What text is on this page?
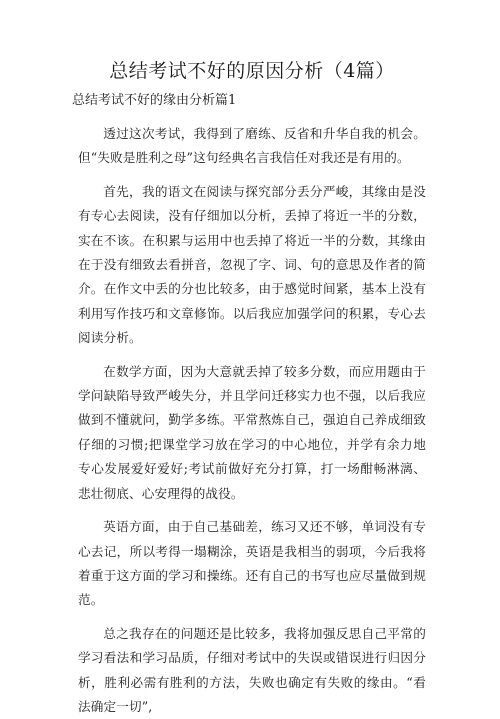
总结考试不好的原因分析（4篇）
总结考试不好的缘由分析篇1

透过这次考试，我得到了磨练、反省和升华自我的机会。但“失败是胜利之母”这句经典名言我信任对我还是有用的。

首先，我的语文在阅读与探究部分丢分严峻，其缘由是没有专心去阅读，没有仔细加以分析，丢掉了将近一半的分数，实在不该。在积累与运用中也丢掉了将近一半的分数，其缘由在于没有细致去看拼音，忽视了字、词、句的意思及作者的简介。在作文中丢的分也比较多，由于感觉时间紧，基本上没有利用写作技巧和文章修饰。以后我应加强学问的积累，专心去阅读分析。

在数学方面，因为大意就丢掉了较多分数，而应用题由于学问缺陷导致严峻失分，并且学问迁移实力也不强，以后我应做到不懂就问，勤学多练。平常熬炼自己，强迫自己养成细致仔细的习惯;把课堂学习放在学习的中心地位，并学有余力地专心发展爱好爱好;考试前做好充分打算，打一场酣畅淋漓、悲壮彻底、心安理得的战役。

英语方面，由于自己基础差，练习又还不够，单词没有专心去记，所以考得一塌糊涂，英语是我相当的弱项，今后我将着重于这方面的学习和操练。还有自己的书写也应尽量做到规范。

总之我存在的问题还是比较多，我将加强反思自己平常的学习看法和学习品质，仔细对考试中的失误或错误进行归因分析，胜利必需有胜利的方法，失败也确定有失败的缘由。“看法确定一切”,
